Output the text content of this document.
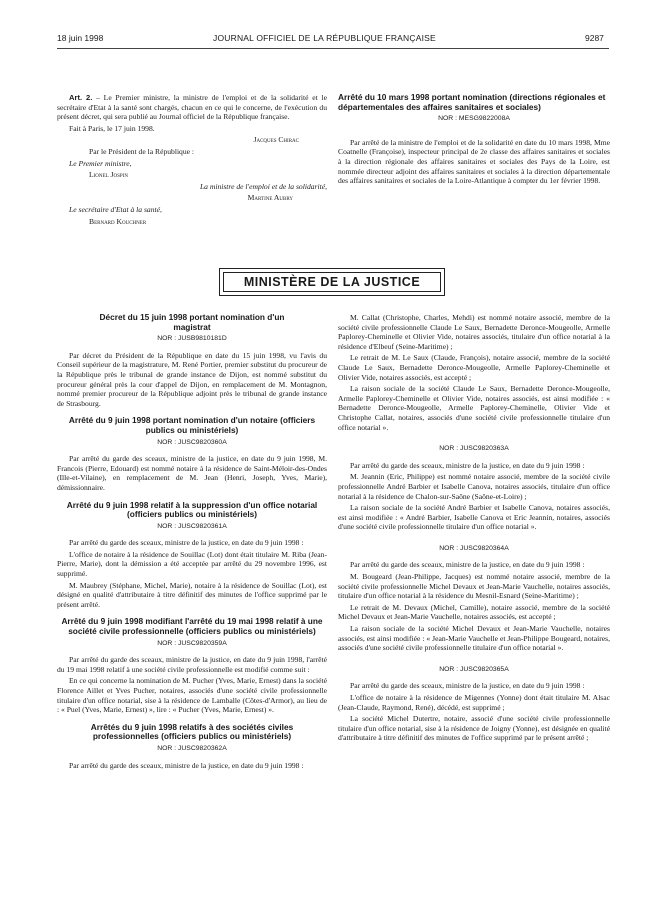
18 juin 1998	JOURNAL OFFICIEL DE LA RÉPUBLIQUE FRANÇAISE	9287

Art. 2. – Le Premier ministre, la ministre de l'emploi et de la solidarité et le secrétaire d'Etat à la santé sont chargés, chacun en ce qui le concerne, de l'exécution du présent décret, qui sera publié au Journal officiel de la République française.

Fait à Paris, le 17 juin 1998.

Jacques Chirac

Par le Président de la République :

Le Premier ministre,

Lionel Jospin

La ministre de l'emploi et de la solidarité,

Martine Aubry

Le secrétaire d'Etat à la santé,

Bernard Kouchner

Arrêté du 10 mars 1998 portant nomination (directions régionales et départementales des affaires sanitaires et sociales)
NOR : MESG9822008A

Par arrêté de la ministre de l'emploi et de la solidarité en date du 10 mars 1998, Mme Coatnelle (Françoise), inspecteur principal de 2e classe des affaires sanitaires et sociales à la direction régionale des affaires sanitaires et sociales des Pays de la Loire, est nommée directeur adjoint des affaires sanitaires et sociales à la direction départementale des affaires sanitaires et sociales de la Loire-Atlantique à compter du 1er février 1998.

MINISTÈRE DE LA JUSTICE
Décret du 15 juin 1998 portant nomination d'un magistrat
NOR : JUSB9810181D

Par décret du Président de la République en date du 15 juin 1998, vu l'avis du Conseil supérieur de la magistrature, M. René Portier, premier substitut du procureur de la République près le tribunal de grande instance de Dijon, est nommé substitut du procureur général près la cour d'appel de Dijon, en remplacement de M. Montagnon, nommé premier procureur de la République adjoint près le tribunal de grande instance de Strasbourg.

Arrêté du 9 juin 1998 portant nomination d'un notaire (officiers publics ou ministériels)
NOR : JUSC9820360A

Par arrêté du garde des sceaux, ministre de la justice, en date du 9 juin 1998, M. Francois (Pierre, Edouard) est nommé notaire à la résidence de Saint-Méloir-des-Ondes (Ille-et-Vilaine), en remplacement de M. Jean (Henri, Joseph, Yves, Marie), démissionnaire.

Arrêté du 9 juin 1998 relatif à la suppression d'un office notarial (officiers publics ou ministériels)
NOR : JUSC9820361A

Par arrêté du garde des sceaux, ministre de la justice, en date du 9 juin 1998 :

L'office de notaire à la résidence de Souillac (Lot) dont était titulaire M. Riba (Jean-Pierre, Marie), dont la démission a été acceptée par arrêté du 29 novembre 1996, est supprimé.

M. Maubrey (Stéphane, Michel, Marie), notaire à la résidence de Souillac (Lot), est désigné en qualité d'attributaire à titre définitif des minutes de l'office supprimé par le présent arrêté.

Arrêté du 9 juin 1998 modifiant l'arrêté du 19 mai 1998 relatif à une société civile professionnelle (officiers publics ou ministériels)
NOR : JUSC9820359A

Par arrêté du garde des sceaux, ministre de la justice, en date du 9 juin 1998, l'arrêté du 19 mai 1998 relatif à une société civile professionnelle est modifié comme suit :

En ce qui concerne la nomination de M. Pucher (Yves, Marie, Ernest) dans la société Florence Aillet et Yves Pucher, notaires, associés d'une société civile professionnelle titulaire d'un office notarial, sise à la résidence de Lamballe (Côtes-d'Armor), au lieu de : « Puel (Yves, Marie, Ernest) », lire : « Pucher (Yves, Marie, Ernest) ».

Arrêtés du 9 juin 1998 relatifs à des sociétés civiles professionnelles (officiers publics ou ministériels)
NOR : JUSC9820362A

Par arrêté du garde des sceaux, ministre de la justice, en date du 9 juin 1998 :

M. Callat (Christophe, Charles, Mehdi) est nommé notaire associé, membre de la société civile professionnelle Claude Le Saux, Bernadette Deronce-Mougeolle, Armelle Paplorey-Cheminelle et Olivier Vide, notaires associés, titulaire d'un office notarial à la résidence d'Elbeuf (Seine-Maritime) ;

Le retrait de M. Le Saux (Claude, François), notaire associé, membre de la société Claude Le Saux, Bernadette Deronce-Mougeolle, Armelle Paplorey-Cheminelle et Olivier Vide, notaires associés, est accepté ;

La raison sociale de la société Claude Le Saux, Bernadette Deronce-Mougeolle, Armelle Paplorey-Cheminelle et Olivier Vide, notaires associés, est ainsi modifiée : « Bernadette Deronce-Mougeolle, Armelle Paplorey-Cheminelle, Olivier Vide et Christophe Callat, notaires, associés d'une société civile professionnelle titulaire d'un office notarial ».

NOR : JUSC9820363A

Par arrêté du garde des sceaux, ministre de la justice, en date du 9 juin 1998 :

M. Jeannin (Eric, Philippe) est nommé notaire associé, membre de la société civile professionnelle André Barbier et Isabelle Canova, notaires associés, titulaire d'un office notarial à la résidence de Chalon-sur-Saône (Saône-et-Loire) ;

La raison sociale de la société André Barbier et Isabelle Canova, notaires associés, est ainsi modifiée : « André Barbier, Isabelle Canova et Eric Jeannin, notaires, associés d'une société civile professionnelle titulaire d'un office notarial ».

NOR : JUSC9820364A

Par arrêté du garde des sceaux, ministre de la justice, en date du 9 juin 1998 :

M. Bougeard (Jean-Philippe, Jacques) est nommé notaire associé, membre de la société civile professionnelle Michel Devaux et Jean-Marie Vauchelle, notaires associés, titulaire d'un office notarial à la résidence du Mesnil-Esnard (Seine-Maritime) ;

Le retrait de M. Devaux (Michel, Camille), notaire associé, membre de la société Michel Devaux et Jean-Marie Vauchelle, notaires associés, est accepté ;

La raison sociale de la société Michel Devaux et Jean-Marie Vauchelle, notaires associés, est ainsi modifiée : « Jean-Marie Vauchelle et Jean-Philippe Bougeard, notaires, associés d'une société civile professionnelle titulaire d'un office notarial ».

NOR : JUSC9820365A

Par arrêté du garde des sceaux, ministre de la justice, en date du 9 juin 1998 :

L'office de notaire à la résidence de Migennes (Yonne) dont était titulaire M. Alsac (Jean-Claude, Raymond, René), décédé, est supprimé ;

La société Michel Dutertre, notaire, associé d'une société civile professionnelle titulaire d'un office notarial, sise à la résidence de Joigny (Yonne), est désignée en qualité d'attributaire à titre définitif des minutes de l'office supprimé par le présent arrêté ;
